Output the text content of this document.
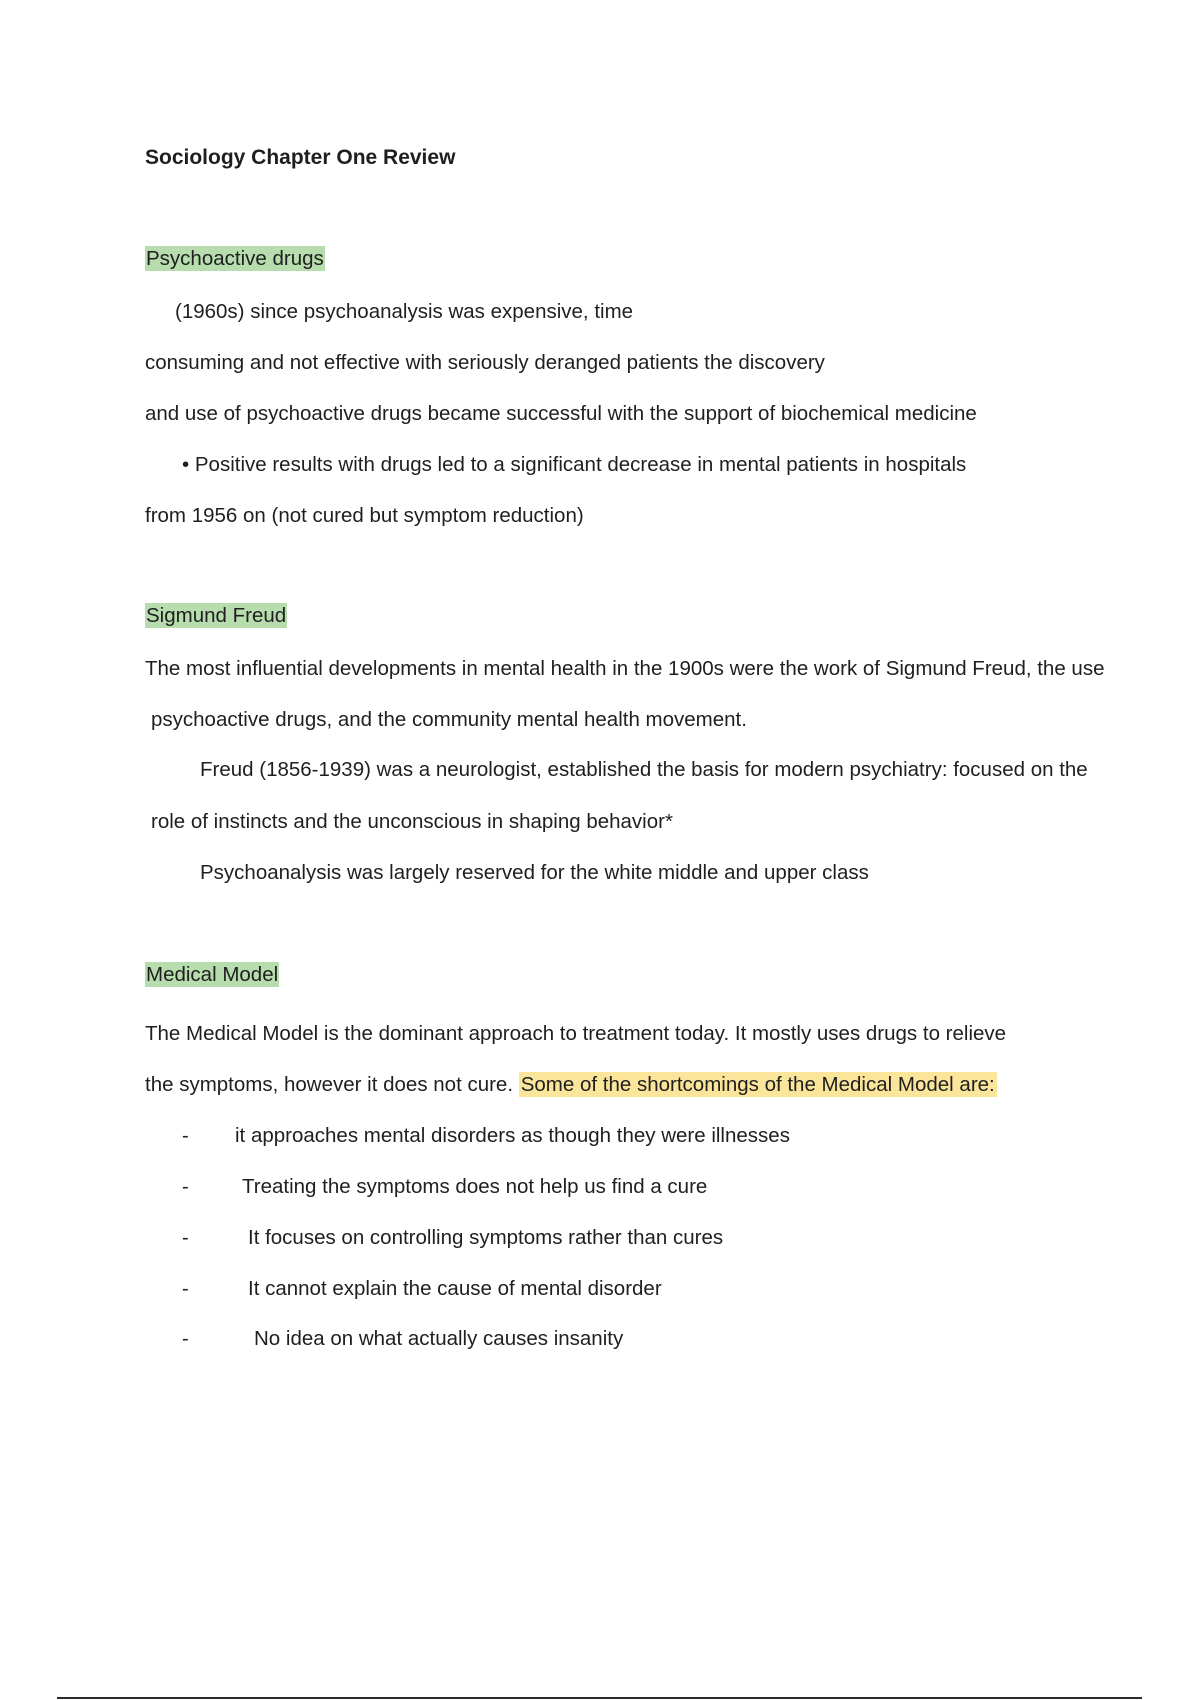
Sociology Chapter One Review
Psychoactive drugs
(1960s) since psychoanalysis was expensive, time
consuming and not effective with seriously deranged patients the discovery
and use of psychoactive drugs became successful with the support of biochemical medicine
• Positive results with drugs led to a significant decrease in mental patients in hospitals
from 1956 on (not cured but symptom reduction)
Sigmund Freud
The most influential developments in mental health in the 1900s were the work of Sigmund Freud, the use
psychoactive drugs, and the community mental health movement.
Freud (1856-1939) was a neurologist, established the basis for modern psychiatry: focused on the
role of instincts and the unconscious in shaping behavior*
Psychoanalysis was largely reserved for the white middle and upper class
Medical Model
The Medical Model is the dominant approach to treatment today. It mostly uses drugs to relieve
the symptoms, however it does not cure. Some of the shortcomings of the Medical Model are:
- it approaches mental disorders as though they were illnesses
-	Treating the symptoms does not help us find a cure
-	It focuses on controlling symptoms rather than cures
-	It cannot explain the cause of mental disorder
-	No idea on what actually causes insanity
